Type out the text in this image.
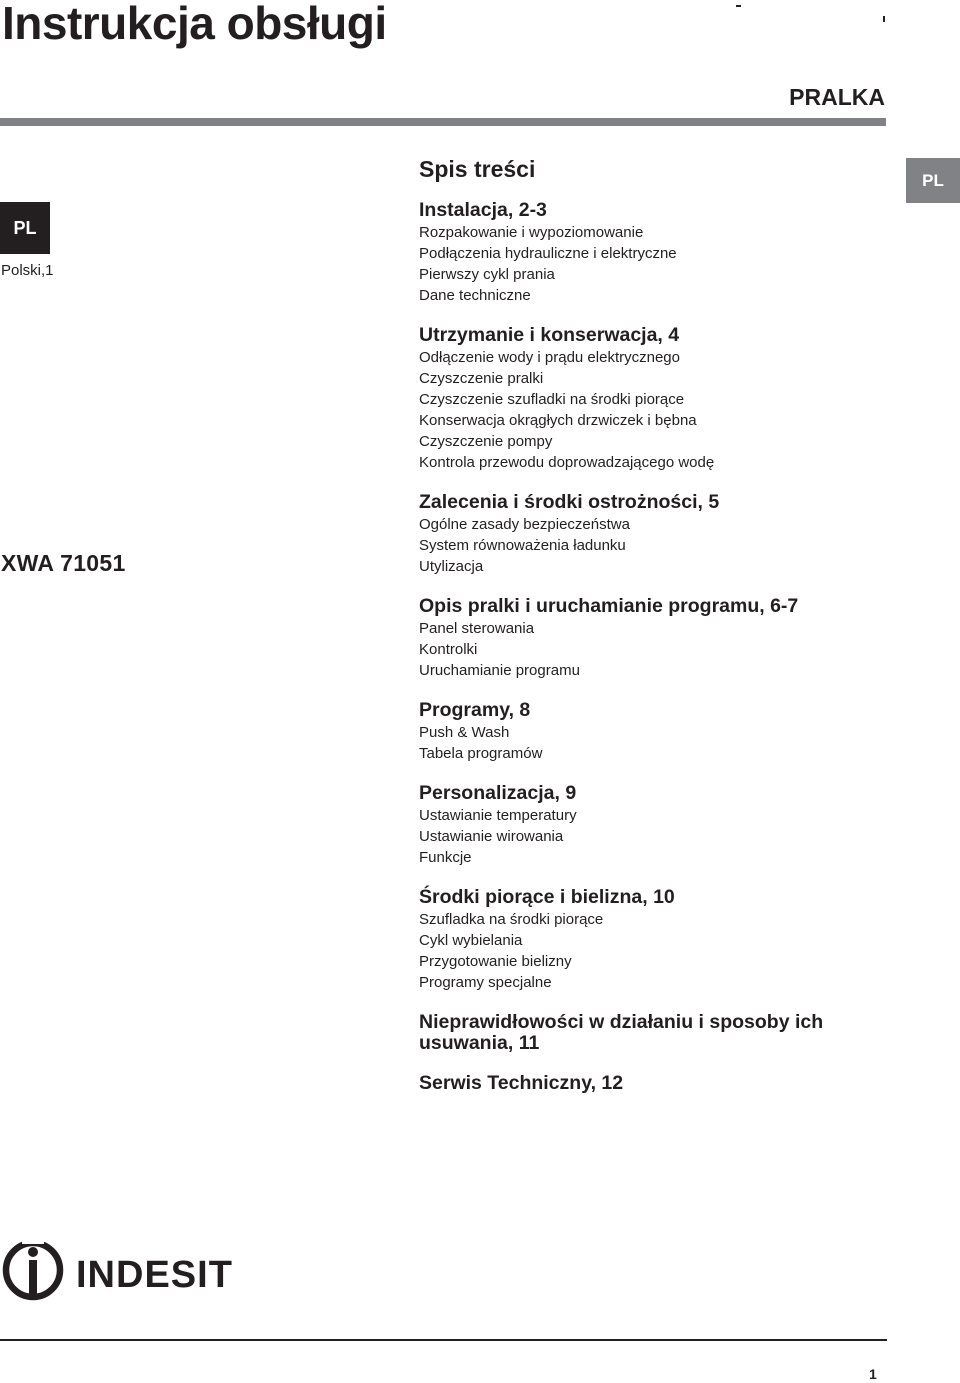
Instrukcja obsługi
PRALKA
PL
PL
Polski,1
XWA 71051
Spis treści
Instalacja, 2-3
Rozpakowanie i wypoziomowanie
Podłączenia hydrauliczne i elektryczne
Pierwszy cykl prania
Dane techniczne
Utrzymanie i konserwacja, 4
Odłączenie wody i prądu elektrycznego
Czyszczenie pralki
Czyszczenie szufladki na środki piorące
Konserwacja okrągłych drzwiczek i bębna
Czyszczenie pompy
Kontrola przewodu doprowadzającego wodę
Zalecenia i środki ostrożności, 5
Ogólne zasady bezpieczeństwa
System równoważenia ładunku
Utylizacja
Opis pralki i uruchamianie programu, 6-7
Panel sterowania
Kontrolki
Uruchamianie programu
Programy, 8
Push & Wash
Tabela programów
Personalizacja, 9
Ustawianie temperatury
Ustawianie wirowania
Funkcje
Środki piorące i bielizna, 10
Szufladka na środki piorące
Cykl wybielania
Przygotowanie bielizny
Programy specjalne
Nieprawidłowości w działaniu i sposoby ich usuwania, 11
Serwis Techniczny, 12
INDESIT
1
